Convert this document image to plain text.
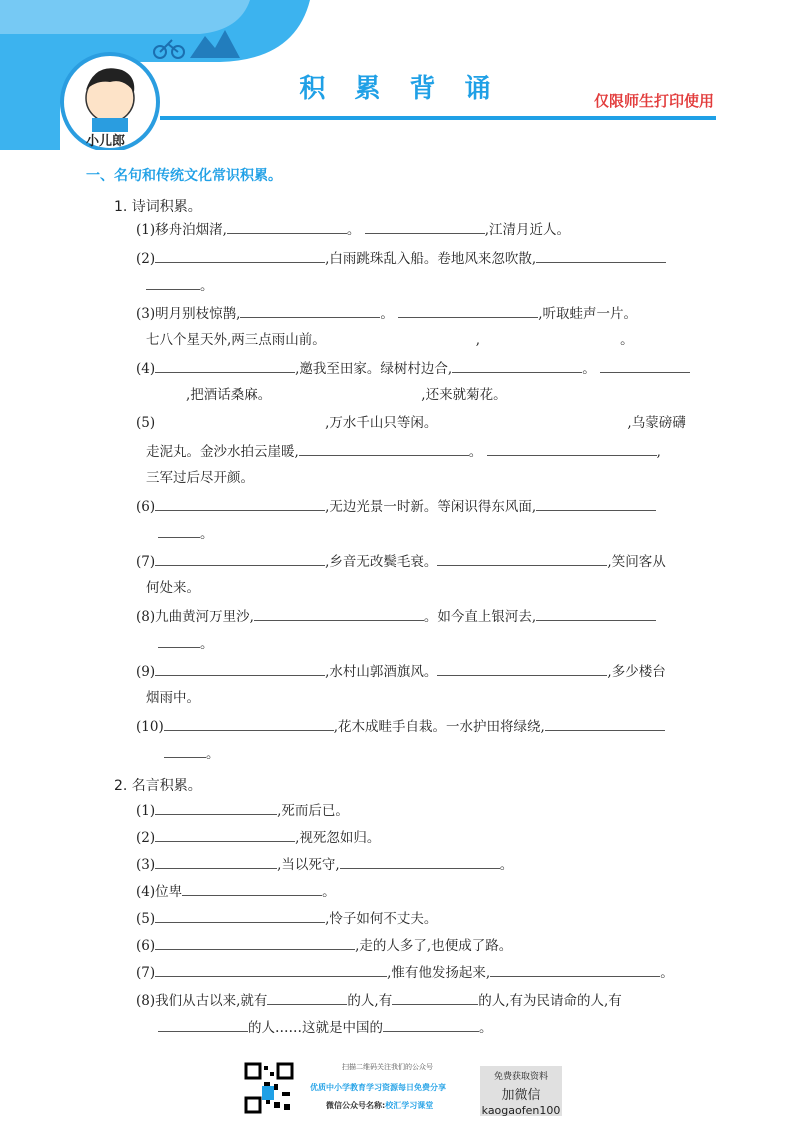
积 累 背 诵	仅限师生打印使用
小儿郎
一、名句和传统文化常识积累。
1. 诗词积累。
(1)移舟泊烟渚,	。	,江清月近人。
(2)	,白雨跳珠乱入船。卷地风来忽吹散,
。
(3)明月别枝惊鹊,	。	,听取蛙声一片。
七八个星天外,两三点雨山前。	,	。
(4)	,邀我至田家。绿树村边合,	。
,把酒话桑麻。	,还来就菊花。
(5)	,万水千山只等闲。	,乌蒙磅礴
走泥丸。金沙水拍云崖暖,	。	,
三军过后尽开颜。
(6)	,无边光景一时新。等闲识得东风面,
。
(7)	,乡音无改鬓毛衰。	,笑问客从
何处来。
(8)九曲黄河万里沙,	。如今直上银河去,
。
(9)	,水村山郭酒旗风。	,多少楼台
烟雨中。
(10)	,花木成畦手自栽。一水护田将绿绕,
。
2. 名言积累。
(1)	,死而后已。
(2)	,视死忽如归。
(3)	,当以死守,	。
(4)位卑	。
(5)	,怜子如何不丈夫。
(6)	,走的人多了,也便成了路。
(7)	,惟有他发扬起来,	。
(8)我们从古以来,就有	的人,有	的人,有为民请命的人,有
的人……这就是中国的	。
扫描二维码关注我们的公众号
优质中小学教育学习资源每日免费分享
微信公众号名称:校汇学习课堂
免费获取资料
加微信
kaogaofen100
